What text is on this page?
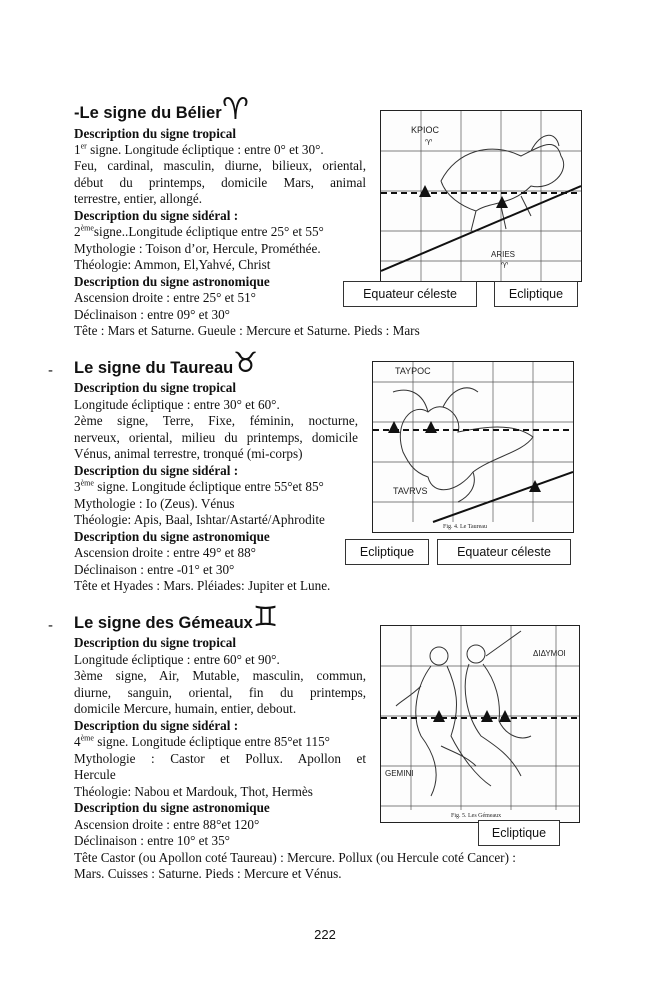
-Le signe du Bélier ♈
Description du signe tropical
1er signe. Longitude écliptique : entre 0° et 30°.
Feu, cardinal, masculin, diurne, bilieux, oriental,
début du printemps, domicile Mars, animal
terrestre, entier, allongé.
Description du signe sidéral :
2èmesigne..Longitude écliptique entre 25° et 55°
Mythologie : Toison d’or, Hercule, Prométhée.
Théologie: Ammon, El,Yahvé, Christ
Description du signe astronomique
Ascension droite : entre 25° et 51°
Déclinaison : entre 09° et 30°
Tête : Mars et Saturne. Gueule : Mercure et Saturne. Pieds : Mars
ΚΡΙΟC
♈
ARIES
♈
Equateur céleste	Ecliptique
- Le signe du Taureau ♉
Description du signe tropical
Longitude écliptique : entre 30° et 60°.
2ème signe, Terre, Fixe, féminin, nocturne,
nerveux, oriental, milieu du printemps, domicile
Vénus, animal terrestre, tronqué (mi-corps)
Description du signe sidéral :
3ème signe. Longitude écliptique entre 55°et 85°
Mythologie : Io (Zeus). Vénus
Théologie: Apis, Baal, Ishtar/Astarté/Aphrodite
Description du signe astronomique
Ascension droite : entre 49° et 88°
Déclinaison : entre -01° et 30°
Tête et Hyades : Mars. Pléiades: Jupiter et Lune.
ΤΑΥΡΟC
TAVRVS
Fig. 4. Le Taureau
Ecliptique	Equateur céleste
- Le signe des Gémeaux ♊
Description du signe tropical
Longitude écliptique : entre 60° et 90°.
3ème signe, Air, Mutable, masculin, commun,
diurne, sanguin, oriental, fin du printemps,
domicile Mercure, humain, entier, debout.
Description du signe sidéral :
4ème signe. Longitude écliptique entre 85°et 115°
Mythologie : Castor et Pollux. Apollon et
Hercule
Théologie: Nabou et Mardouk, Thot, Hermès
Description du signe astronomique
Ascension droite : entre 88°et 120°
Déclinaison : entre 10° et 35°
Tête Castor (ou Apollon coté Taureau) : Mercure. Pollux (ou Hercule coté Cancer) :
Mars. Cuisses : Saturne. Pieds : Mercure et Vénus.
ΔΙΔΥΜΟΙ
GEMINI
Fig. 5. Les Gémeaux
Ecliptique
222
